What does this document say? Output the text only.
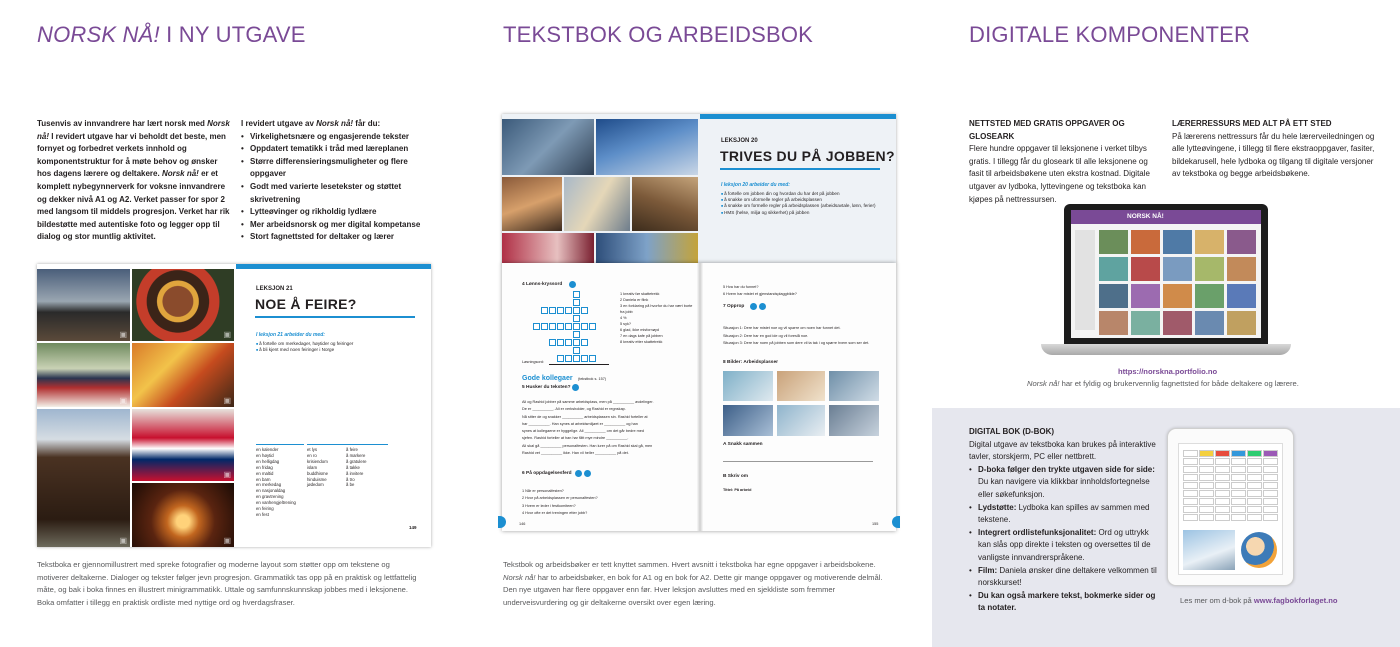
NORSK NÅ! I NY UTGAVE
Tusenvis av innvandrere har lært norsk med Norsk nå! I revidert utgave har vi beholdt det beste, men fornyet og forbedret verkets innhold og komponentstruktur for å møte behov og ønsker hos dagens lærere og deltakere. Norsk nå! er et komplett nybegynnerverk for voksne innvandrere og dekker nivå A1 og A2. Verket passer for spor 2 med langsom til middels progresjon. Verket har rik bildestøtte med autentiske foto og legger opp til dialog og stor muntlig aktivitet.
I revidert utgave av Norsk nå! får du:
• Virkelighetsnære og engasjerende tekster
• Oppdatert tematikk i tråd med læreplanen
• Større differensieringsmuligheter og flere oppgaver
• Godt med varierte lesetekster og støttet skrivetrening
• Lytteøvinger og rikholdig lydlære
• Mer arbeidsnorsk og mer digital kompetanse
• Stort fagnettsted for deltaker og lærer
▣	▣
▣	▣
▣
▣
▣
LEKSJON 21
NOE Å FEIRE?
I leksjon 21 arbeider du med:
■ å fortelle om merkedager, høytider og feiringer
■ å bli kjent med noen feiringer i Norge
en kalender
en høytid
en helligdag
en fridag
en maltid
en barn
en merkedag
en nasjonaldag
en gravtrening
en vanhengjeltrening
en feiring
en fest
et lys
en ro
krisiendom
islam
buddhisme
hinduisme
jødedom
å feire
å markere
å gratulere
å takke
å invitere
å tro
å be
149
Tekstboka er gjennomillustrert med spreke fotografier og moderne layout som støtter opp om tekstene og motiverer deltakerne. Dialoger og tekster følger jevn progresjon. Grammatikk tas opp på en praktisk og lettfattelig måte, og bak i boka finnes en illustrert minigrammatikk. Uttale og samfunnskunnskap jobbes med i leksjonene. Boka omfatter i tillegg en praktisk ordliste med nyttige ord og hverdagsfraser.
TEKSTBOK OG ARBEIDSBOK
LEKSJON 20
TRIVES DU PÅ JOBBEN?
I leksjon 20 arbeider du med:
■ å fortelle om jobben din og hvordan du har det på jobben
■ å snakke om uformelle regler på arbeidsplassen
■ å snakke om formelle regler på arbeidsplassen (arbeidsavtale, lønn, ferier)
■ HMS (helse, miljø og sikkerhet) på jobben
4 Lønns-kryssord
1 kreativ før skattetrekk
2 Daniela er flink
3 en forklaring på hvorfor du har vært borte fra jobb
4 %
5 syk?
6 glad, ikke misfornøyd
7 en dags kafe på jobben
8 kreativ etter skattetrekk
Løsningsord:
Gode kollegaer (tekstbok s. 157)
5 Husker du teksten?
Ali og Rashid jobber på samme arbeidsplass, men på __________ avdelinger.
De er __________. Ali er verksholder, og Rashid er regnskap.
Nå sitter de og snakker __________ arbeidsplassen sin. Rashid forteller at
har __________. Han synes at arbeidsmiljøet er __________ og han
synes at kollegaene er hyggelige. Ali __________ om det går bedre med
sjefen. Rashid forteller at han har fått mye mindre __________.
Ali skal gå __________ personalfesten. Han lurer på om Rashid skal gå, men
Rashid vet __________ ikke. Han vil heller __________ på det.
6 På oppdagelsesferd
1 Når er personalfesten?
2 Hvor på arbeidsplassen er personalfesten?
3 Hvem er leder i festkomiteen?
4 Hvor ofte er det treningen etter jobb?
146
5 Hva har du funnet?
6 Hvem har mistet et gjenstandsplaggbilde?
7 Opprop
Situasjon 1: Dere har mistet noe og vil spørre om noen har funnet det.
Situasjon 2: Dere har en god ide og vil foreslå noe.
Situasjon 3: Dere har noen på jobben som dere vil ta tak i og spørre hvem som ser det.
8 Bilder: Arbeidsplasser
A Snakk sammen
B Skriv om
Tittel: På arbeid
155
Tekstbok og arbeidsbøker er tett knyttet sammen. Hvert avsnitt i tekstboka har egne oppgaver i arbeidsbokene. Norsk nå! har to arbeidsbøker, en bok for A1 og en bok for A2. Dette gir mange oppgaver og motiverende delmål. Den nye utgaven har flere oppgaver enn før. Hver leksjon avsluttes med en sjekkliste som fremmer underveisvurdering og gir deltakerne oversikt over egen læring.
DIGITALE KOMPONENTER
NETTSTED MED GRATIS OPPGAVER OG GLOSEARK
Flere hundre oppgaver til leksjonene i verket tilbys gratis. I tillegg får du gloseark til alle leksjonene og fasit til arbeidsbøkene uten ekstra kostnad. Digitale utgaver av lydboka, lyttevingene og tekstboka kan kjøpes på nettressursen.
LÆRERRESSURS MED ALT PÅ ETT STED
På lærerens nettressurs får du hele lærerveiledningen og alle lytteøvingene, i tillegg til flere ekstraoppgaver, fasiter, bildekarusell, hele lydboka og tilgang til digitale versjoner av tekstboka og begge arbeidsbøkene.
NORSK NÅ!
https://norskna.portfolio.no
Norsk nå! har et fyldig og brukervennlig fagnettsted for både deltakere og lærere.
DIGITAL BOK (D-BOK)
Digital utgave av tekstboka kan brukes på interaktive tavler, storskjerm, PC eller nettbrett.
• D-boka følger den trykte utgaven side for side:
Du kan navigere via klikkbar innholdsfortegnelse eller søkefunksjon.
• Lydstøtte: Lydboka kan spilles av sammen med tekstene.
• Integrert ordlistefunksjonalitet: Ord og uttrykk kan slås opp direkte i teksten og oversettes til de vanligste innvandrerspråkene.
• Film: Daniela ønsker dine deltakere velkommen til norskkurset!
• Du kan også markere tekst, bokmerke sider og ta notater.
Les mer om d-bok på www.fagbokforlaget.no
